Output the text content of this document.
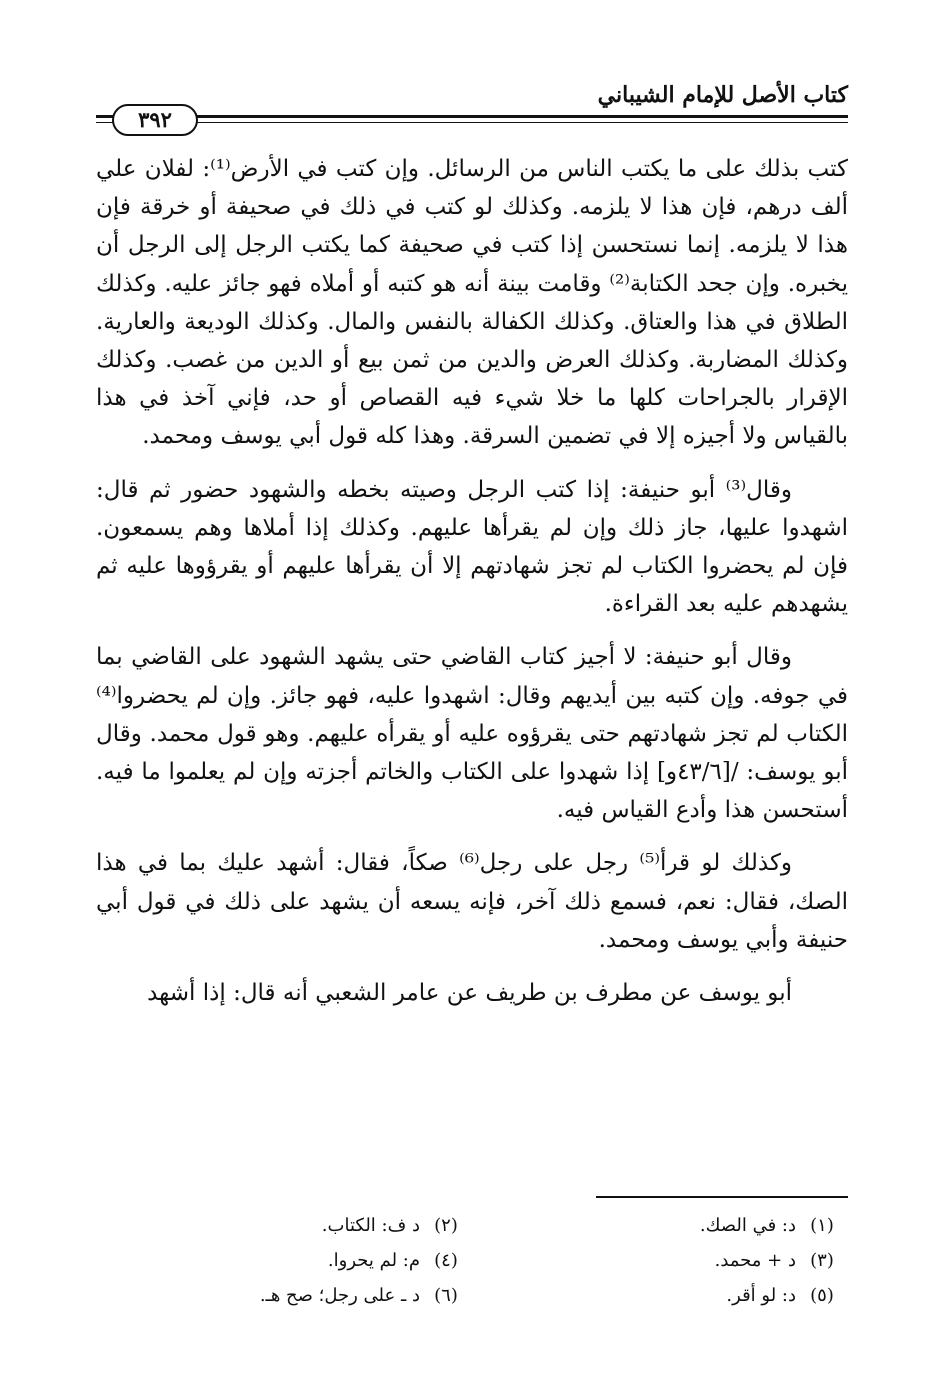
كتاب الأصل للإمام الشيباني
٣٩٢

كتب بذلك على ما يكتب الناس من الرسائل. وإن كتب في الأرض⁽¹⁾: لفلان علي ألف درهم، فإن هذا لا يلزمه. وكذلك لو كتب في ذلك في صحيفة أو خرقة فإن هذا لا يلزمه. إنما نستحسن إذا كتب في صحيفة كما يكتب الرجل إلى الرجل أن يخبره. وإن جحد الكتابة⁽²⁾ وقامت بينة أنه هو كتبه أو أملاه فهو جائز عليه. وكذلك الطلاق في هذا والعتاق. وكذلك الكفالة بالنفس والمال. وكذلك الوديعة والعارية. وكذلك المضاربة. وكذلك العرض والدين من ثمن بيع أو الدين من غصب. وكذلك الإقرار بالجراحات كلها ما خلا شيء فيه القصاص أو حد، فإني آخذ في هذا بالقياس ولا أجيزه إلا في تضمين السرقة. وهذا كله قول أبي يوسف ومحمد.

وقال⁽³⁾ أبو حنيفة: إذا كتب الرجل وصيته بخطه والشهود حضور ثم قال: اشهدوا عليها، جاز ذلك وإن لم يقرأها عليهم. وكذلك إذا أملاها وهم يسمعون. فإن لم يحضروا الكتاب لم تجز شهادتهم إلا أن يقرأها عليهم أو يقرؤوها عليه ثم يشهدهم عليه بعد القراءة.

وقال أبو حنيفة: لا أجيز كتاب القاضي حتى يشهد الشهود على القاضي بما في جوفه. وإن كتبه بين أيديهم وقال: اشهدوا عليه، فهو جائز. وإن لم يحضروا⁽⁴⁾ الكتاب لم تجز شهادتهم حتى يقرؤوه عليه أو يقرأه عليهم. وهو قول محمد. وقال أبو يوسف: /[٤٣/٦و] إذا شهدوا على الكتاب والخاتم أجزته وإن لم يعلموا ما فيه. أستحسن هذا وأدع القياس فيه.

وكذلك لو قرأ⁽⁵⁾ رجل على رجل⁽⁶⁾ صكاً، فقال: أشهد عليك بما في هذا الصك، فقال: نعم، فسمع ذلك آخر، فإنه يسعه أن يشهد على ذلك في قول أبي حنيفة وأبي يوسف ومحمد.

أبو يوسف عن مطرف بن طريف عن عامر الشعبي أنه قال: إذا أشهد

(١)
د: في الصك.
(٢)
د ف: الكتاب.
(٣)
د + محمد.
(٤)
م: لم يحروا.
(٥)
د: لو أقر.
(٦)
د ـ على رجل؛ صح هـ.
